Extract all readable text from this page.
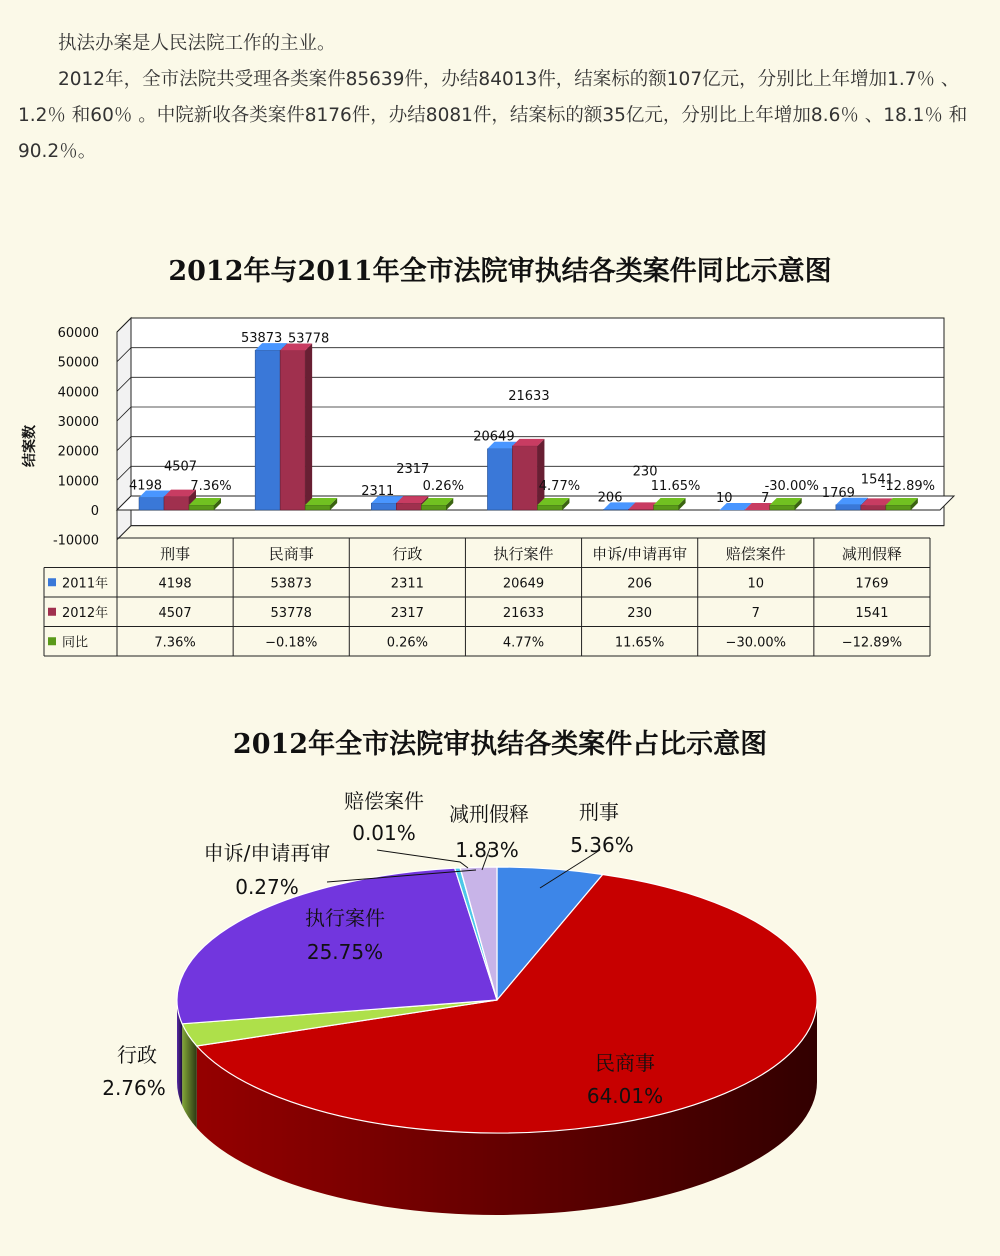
执法办案是人民法院工作的主业。
2012年，全市法院共受理各类案件85639件，办结84013件，结案标的额107亿元，分别比上年增加1.7％ 、1.2％ 和60％ 。中院新收各类案件8176件，办结8081件，结案标的额35亿元，分别比上年增加8.6％ 、18.1％ 和90.2％。
2012年与2011年全市法院审执结各类案件同比示意图
60000
50000
40000
30000
20000
10000
0
-10000
结案数
4198
4507
7.36%
53873 53778
2311
2317
0.26%
20649
21633
4.77%
206
230
11.65%
10 7
-30.00% 1769
1541
-12.89%
刑事	民商事	行政	执行案件	申诉/申请再审	赔偿案件	减刑假释
2011年	4198	53873	2311	20649	206	10	1769
2012年	4507	53778	2317	21633	230	7	1541
同比	7.36%	−0.18%	0.26%	4.77%	11.65%	−30.00%	−12.89%
2012年全市法院审执结各类案件占比示意图
刑事
5.36%
民商事
64.01%
行政
2.76%
执行案件
25.75%
申诉/申请再审
0.27%
赔偿案件
0.01%
减刑假释
1.83%
